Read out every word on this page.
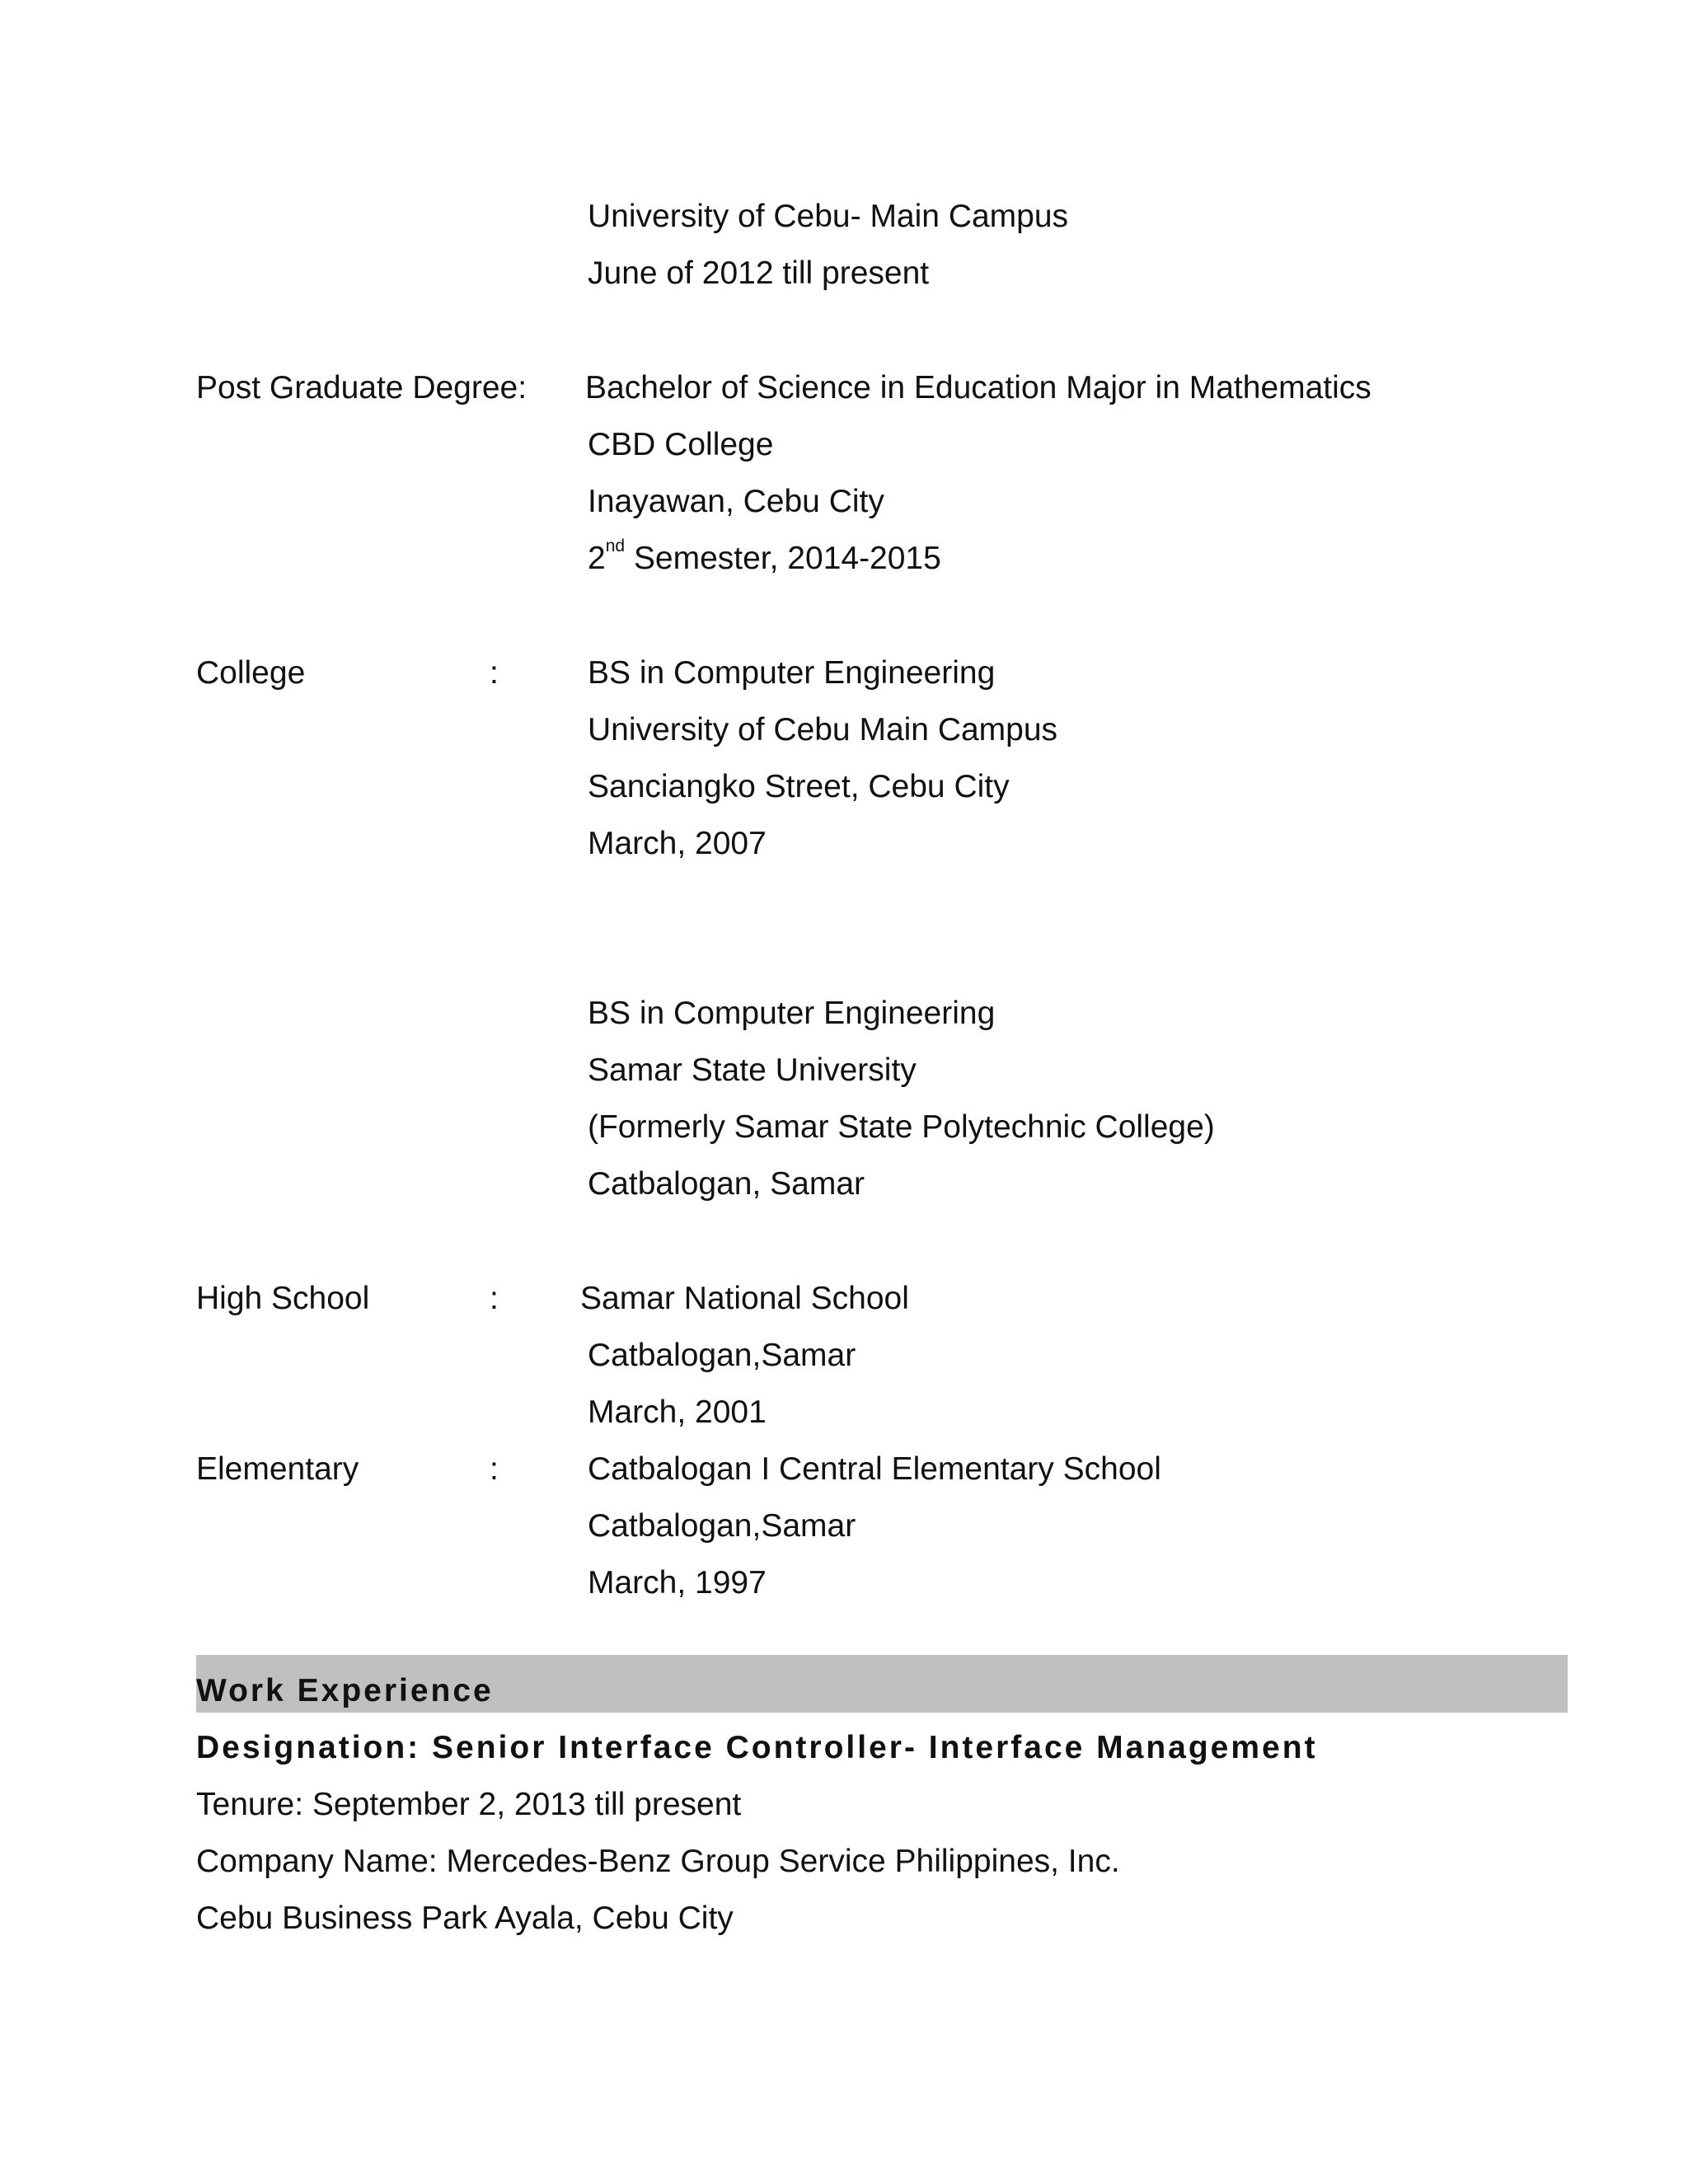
University of Cebu- Main Campus
June of 2012 till present
Post Graduate Degree: Bachelor of Science in Education Major in Mathematics
CBD College
Inayawan, Cebu City
2nd Semester, 2014-2015
College	:	BS in Computer Engineering
University of Cebu Main Campus
Sanciangko Street, Cebu City
March, 2007
BS in Computer Engineering
Samar State University
(Formerly Samar State Polytechnic College)
Catbalogan, Samar
High School	:	Samar National School
Catbalogan,Samar
March, 2001
Elementary	:	Catbalogan I Central Elementary School
Catbalogan,Samar
March, 1997
Work Experience
Designation: Senior Interface Controller- Interface Management
Tenure: September 2, 2013 till present
Company Name: Mercedes-Benz Group Service Philippines, Inc.
Cebu Business Park Ayala, Cebu City
